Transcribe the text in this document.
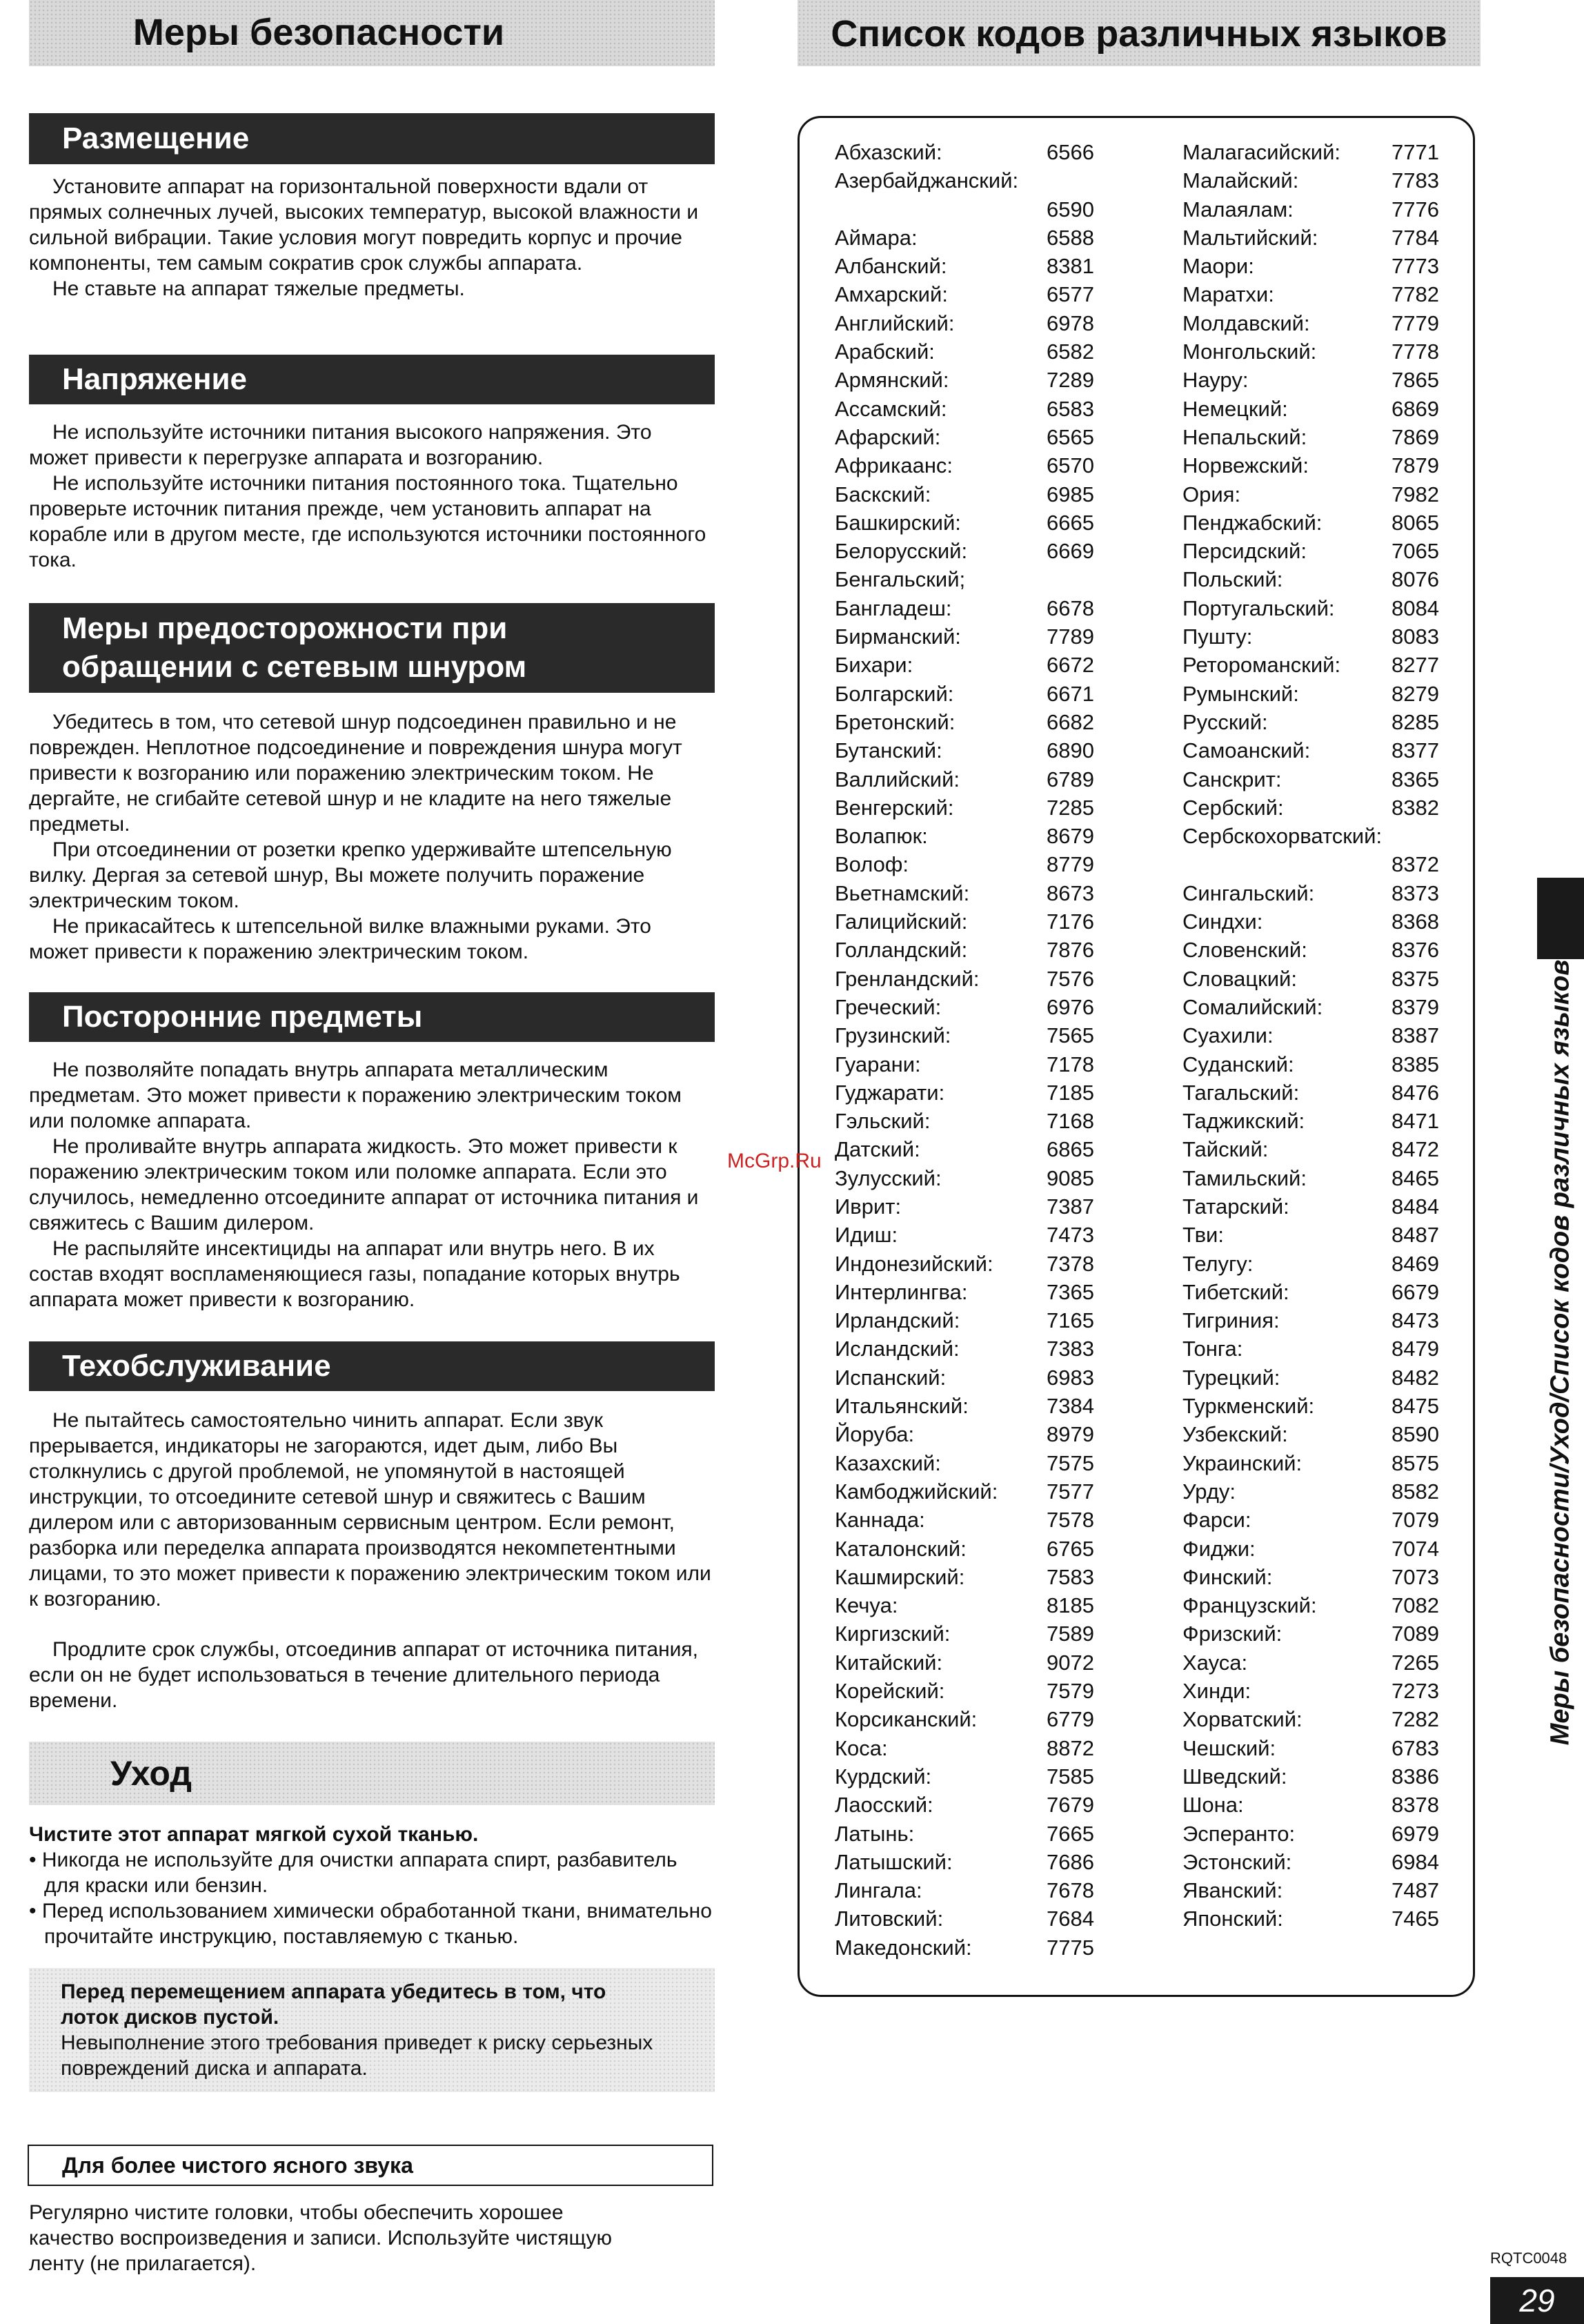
Меры безопасности	Список кодов различных языков
Размещение

Установите аппарат на горизонтальной поверхности вдали от прямых солнечных лучей, высоких температур, высокой влажности и сильной вибрации. Такие условия могут повредить корпус и прочие компоненты, тем самым сократив срок службы аппарата.

Не ставьте на аппарат тяжелые предметы.

Напряжение

Не используйте источники питания высокого напряжения. Это может привести к перегрузке аппарата и возгоранию.

Не используйте источники питания постоянного тока. Тщательно проверьте источник питания прежде, чем установить аппарат на корабле или в другом месте, где используются источники постоянного тока.

Меры предосторожности при
обращении с сетевым шнуром

Убедитесь в том, что сетевой шнур подсоединен правильно и не поврежден. Неплотное подсоединение и повреждения шнура могут привести к возгоранию или поражению электрическим током. Не дергайте, не сгибайте сетевой шнур и не кладите на него тяжелые предметы.

При отсоединении от розетки крепко удерживайте штепсельную вилку. Дергая за сетевой шнур, Вы можете получить поражение электрическим током.

Не прикасайтесь к штепсельной вилке влажными руками. Это может привести к поражению электрическим током.

Посторонние предметы

Не позволяйте попадать внутрь аппарата металлическим предметам. Это может привести к поражению электрическим током или поломке аппарата.

Не проливайте внутрь аппарата жидкость. Это может привести к поражению электрическим током или поломке аппарата. Если это случилось, немедленно отсоедините аппарат от источника питания и свяжитесь с Вашим дилером.

Не распыляйте инсектициды на аппарат или внутрь него. В их состав входят воспламеняющиеся газы, попадание которых внутрь аппарата может привести к возгоранию.

Техобслуживание

Не пытайтесь самостоятельно чинить аппарат. Если звук прерывается, индикаторы не загораются, идет дым, либо Вы столкнулись с другой проблемой, не упомянутой в настоящей инструкции, то отсоедините сетевой шнур и свяжитесь с Вашим дилером или с авторизованным сервисным центром. Если ремонт, разборка или переделка аппарата производятся некомпетентными лицами, то это может привести к поражению электрическим током или к возгоранию.

Продлите срок службы, отсоединив аппарат от источника питания, если он не будет использоваться в течение длительного периода времени.

Уход

Чистите этот аппарат мягкой сухой тканью.

• Никогда не используйте для очистки аппарата спирт, разбавитель для краски или бензин.

• Перед использованием химически обработанной ткани, внимательно прочитайте инструкцию, поставляемую с тканью.

Перед перемещением аппарата убедитесь в том, что лоток дисков пустой.

Невыполнение этого требования приведет к риску серьезных повреждений диска и аппарата.

Для более чистого ясного звука
Регулярно чистите головки, чтобы обеспечить хорошее качество воспроизведения и записи. Используйте чистящую ленту (не прилагается).
Абхазский:	6566
Азербайджанский:
6590
Аймара:	6588
Албанский:	8381
Амхарский:	6577
Английский:	6978
Арабский:	6582
Армянский:	7289
Ассамский:	6583
Афарский:	6565
Африкаанс:	6570
Баскский:	6985
Башкирский:	6665
Белорусский:	6669
Бенгальский;
Бангладеш:	6678
Бирманский:	7789
Бихари:	6672
Болгарский:	6671
Бретонский:	6682
Бутанский:	6890
Валлийский:	6789
Венгерский:	7285
Волапюк:	8679
Волоф:	8779
Вьетнамский:	8673
Галицийский:	7176
Голландский:	7876
Гренландский:	7576
Греческий:	6976
Грузинский:	7565
Гуарани:	7178
Гуджарати:	7185
Гэльский:	7168
Датский:	6865
Зулусский:	9085
Иврит:	7387
Идиш:	7473
Индонезийский: 7378
Интерлингва:	7365
Ирландский:	7165
Исландский:	7383
Испанский:	6983
Итальянский:	7384
Йоруба:	8979
Казахский:	7575
Камбоджийский: 7577
Каннада:	7578
Каталонский:	6765
Кашмирский:	7583
Кечуа:	8185
Киргизский:	7589
Китайский:	9072
Корейский:	7579
Корсиканский:	6779
Коса:	8872
Курдский:	7585
Лаосский:	7679
Латынь:	7665
Латышский:	7686
Лингала:	7678
Литовский:	7684
Македонский:	7775
Малагасийский: 7771
Малайский:	7783
Малаялам:	7776
Мальтийский:	7784
Маори:	7773
Маратхи:	7782
Молдавский:	7779
Монгольский:	7778
Науру:	7865
Немецкий:	6869
Непальский:	7869
Норвежский:	7879
Ория:	7982
Пенджабский:	8065
Персидский:	7065
Польский:	8076
Португальский:	8084
Пушту:	8083
Ретороманский: 8277
Румынский:	8279
Русский:	8285
Самоанский:	8377
Санскрит:	8365
Сербский:	8382
Сербскохорватский:
8372
Сингальский:	8373
Синдхи:	8368
Словенский:	8376
Словацкий:	8375
Сомалийский:	8379
Суахили:	8387
Суданский:	8385
Тагальский:	8476
Таджикский:	8471
Тайский:	8472
Тамильский:	8465
Татарский:	8484
Тви:	8487
Телугу:	8469
Тибетский:	6679
Тигриния:	8473
Тонга:	8479
Турецкий:	8482
Туркменский:	8475
Узбекский:	8590
Украинский:	8575
Урду:	8582
Фарси:	7079
Фиджи:	7074
Финский:	7073
Французский:	7082
Фризский:	7089
Хауса:	7265
Хинди:	7273
Хорватский:	7282
Чешский:	6783
Шведский:	8386
Шона:	8378
Эсперанто:	6979
Эстонский:	6984
Яванский:	7487
Японский:	7465
Меры безопасности/Уход/Список кодов различных языков
McGrp.Ru
RQTC0048
29
